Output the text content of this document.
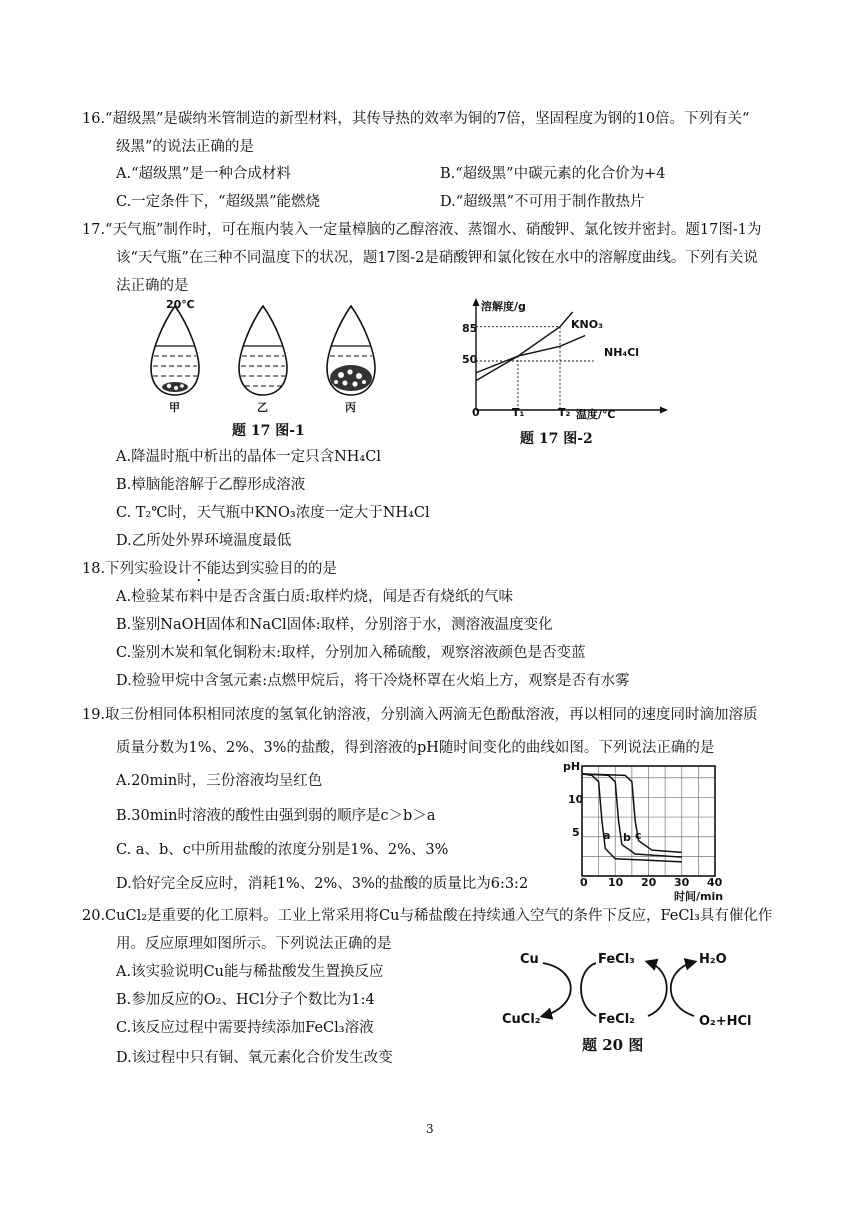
16.“超级黑”是碳纳米管制造的新型材料，其传导热的效率为铜的7倍，坚固程度为钢的10倍。下列有关“
级黑”的说法正确的是
A.“超级黑”是一种合成材料	B.“超级黑”中碳元素的化合价为+4
C.一定条件下，“超级黑”能燃烧	D.“超级黑”不可用于制作散热片
17.“天气瓶”制作时，可在瓶内装入一定量樟脑的乙醇溶液、蒸馏水、硝酸钾、氯化铵并密封。题17图-1为
该“天气瓶”在三种不同温度下的状况，题17图-2是硝酸钾和氯化铵在水中的溶解度曲线。下列有关说
法正确的是
20℃
甲	乙	丙
题 17 图-1
溶解度/g
85
50
0	T₁	T₂ 温度/℃
KNO₃
NH₄Cl
题 17 图-2
A.降温时瓶中析出的晶体一定只含NH₄Cl
B.樟脑能溶解于乙醇形成溶液
C. T₂℃时，天气瓶中KNO₃浓度一定大于NH₄Cl
D.乙所处外界环境温度最低
18.下列实验设计不能达到实验目的的是
A.检验某布料中是否含蛋白质:取样灼烧，闻是否有烧纸的气味
B.鉴别NaOH固体和NaCl固体:取样，分别溶于水，测溶液温度变化
C.鉴别木炭和氧化铜粉末:取样，分别加入稀硫酸，观察溶液颜色是否变蓝
D.检验甲烷中含氢元素:点燃甲烷后，将干冷烧杯罩在火焰上方，观察是否有水雾
19.取三份相同体积相同浓度的氢氧化钠溶液，分别滴入两滴无色酚酞溶液，再以相同的速度同时滴加溶质
质量分数为1%、2%、3%的盐酸，得到溶液的pH随时间变化的曲线如图。下列说法正确的是
A.20min时，三份溶液均呈红色
B.30min时溶液的酸性由强到弱的顺序是c＞b＞a
C. a、b、c中所用盐酸的浓度分别是1%、2%、3%
D.恰好完全反应时，消耗1%、2%、3%的盐酸的质量比为6:3:2
pH
10
5
0 10 20 30 40
时间/min
a b c
20.CuCl₂是重要的化工原料。工业上常采用将Cu与稀盐酸在持续通入空气的条件下反应，FeCl₃具有催化作
用。反应原理如图所示。下列说法正确的是
A.该实验说明Cu能与稀盐酸发生置换反应
B.参加反应的O₂、HCl分子个数比为1:4
C.该反应过程中需要持续添加FeCl₃溶液
D.该过程中只有铜、氧元素化合价发生改变
Cu
CuCl₂
FeCl₃
FeCl₂
H₂O
O₂+HCl
题 20 图
3
